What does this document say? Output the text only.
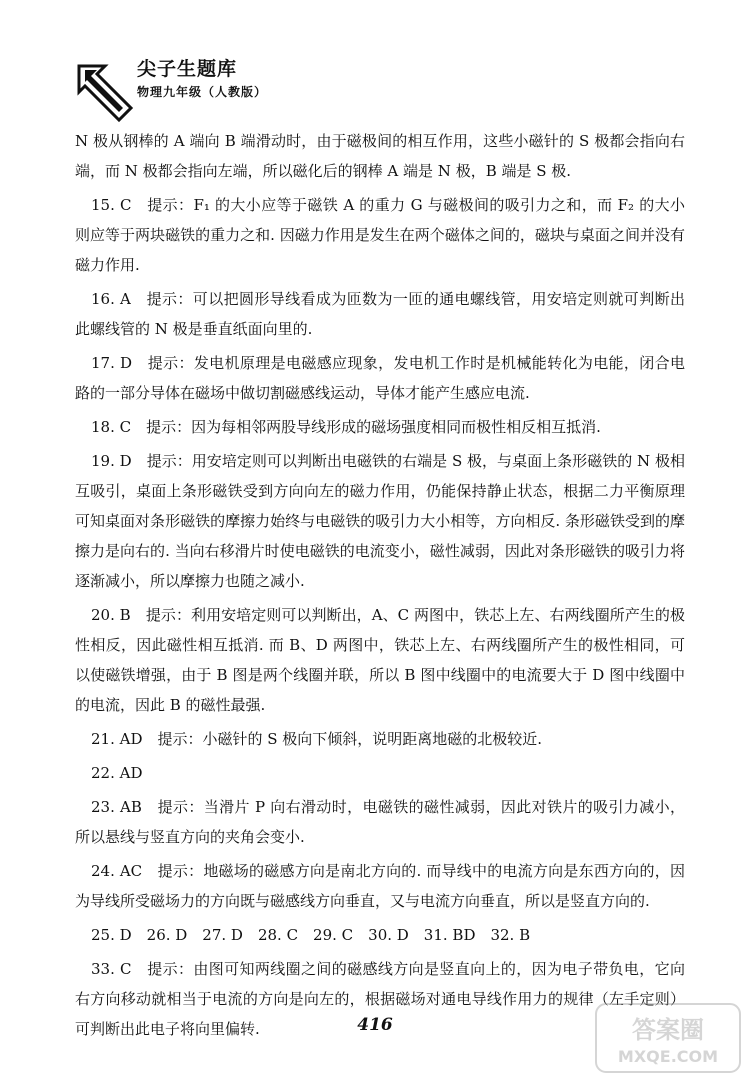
尖子生题库
物理九年级（人教版）

N 极从钢棒的 A 端向 B 端滑动时，由于磁极间的相互作用，这些小磁针的 S 极都会指向右端，而 N 极都会指向左端，所以磁化后的钢棒 A 端是 N 极，B 端是 S 极.

15. C　提示：F₁ 的大小应等于磁铁 A 的重力 G 与磁极间的吸引力之和，而 F₂ 的大小则应等于两块磁铁的重力之和. 因磁力作用是发生在两个磁体之间的，磁块与桌面之间并没有磁力作用.

16. A　提示：可以把圆形导线看成为匝数为一匝的通电螺线管，用安培定则就可判断出此螺线管的 N 极是垂直纸面向里的.

17. D　提示：发电机原理是电磁感应现象，发电机工作时是机械能转化为电能，闭合电路的一部分导体在磁场中做切割磁感线运动，导体才能产生感应电流.

18. C　提示：因为每相邻两股导线形成的磁场强度相同而极性相反相互抵消.

19. D　提示：用安培定则可以判断出电磁铁的右端是 S 极，与桌面上条形磁铁的 N 极相互吸引，桌面上条形磁铁受到方向向左的磁力作用，仍能保持静止状态，根据二力平衡原理可知桌面对条形磁铁的摩擦力始终与电磁铁的吸引力大小相等，方向相反. 条形磁铁受到的摩擦力是向右的. 当向右移滑片时使电磁铁的电流变小，磁性减弱，因此对条形磁铁的吸引力将逐渐减小，所以摩擦力也随之减小.

20. B　提示：利用安培定则可以判断出，A、C 两图中，铁芯上左、右两线圈所产生的极性相反，因此磁性相互抵消. 而 B、D 两图中，铁芯上左、右两线圈所产生的极性相同，可以使磁铁增强，由于 B 图是两个线圈并联，所以 B 图中线圈中的电流要大于 D 图中线圈中的电流，因此 B 的磁性最强.

21. AD　提示：小磁针的 S 极向下倾斜，说明距离地磁的北极较近.

22. AD

23. AB　提示：当滑片 P 向右滑动时，电磁铁的磁性减弱，因此对铁片的吸引力减小，所以悬线与竖直方向的夹角会变小.

24. AC　提示：地磁场的磁感方向是南北方向的. 而导线中的电流方向是东西方向的，因为导线所受磁场力的方向既与磁感线方向垂直，又与电流方向垂直，所以是竖直方向的.

25. D　26. D　27. D　28. C　29. C　30. D　31. BD　32. B

33. C　提示：由图可知两线圈之间的磁感线方向是竖直向上的，因为电子带负电，它向右方向移动就相当于电流的方向是向左的，根据磁场对通电导线作用力的规律（左手定则）可判断出此电子将向里偏转.	416	答案圈
MXQE.COM
